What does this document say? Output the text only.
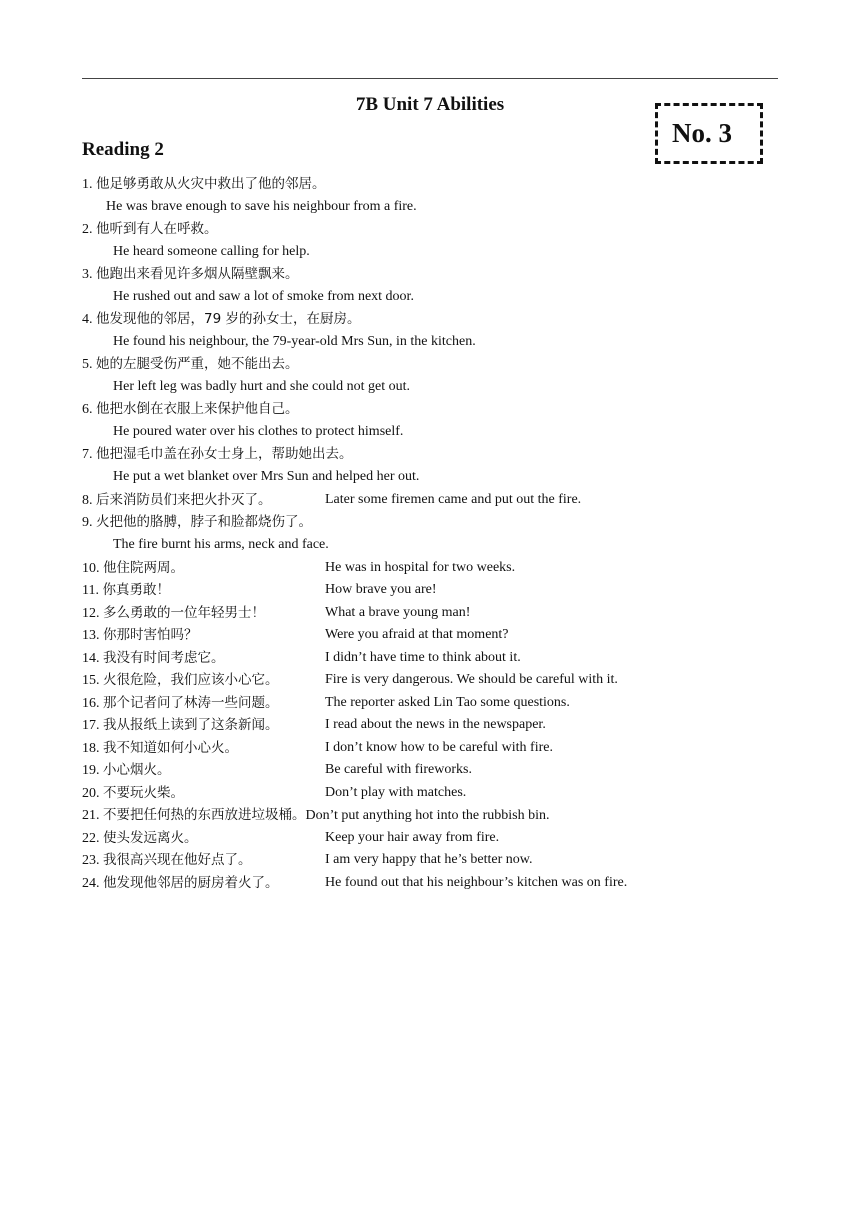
7B Unit 7 Abilities
No. 3
Reading 2
1. 他足够勇敢从火灾中救出了他的邻居。
He was brave enough to save his neighbour from a fire.
2. 他听到有人在呼救。
He heard someone calling for help.
3. 他跑出来看见许多烟从隔壁飘来。
He rushed out and saw a lot of smoke from next door.
4. 他发现他的邻居，79 岁的孙女士，在厨房。
He found his neighbour, the 79-year-old Mrs Sun, in the kitchen.
5. 她的左腿受伤严重，她不能出去。
Her left leg was badly hurt and she could not get out.
6. 他把水倒在衣服上来保护他自己。
He poured water over his clothes to protect himself.
7. 他把湿毛巾盖在孙女士身上，帮助她出去。
He put a wet blanket over Mrs Sun and helped her out.
8. 后来消防员们来把火扑灭了。	Later some firemen came and put out the fire.
9. 火把他的胳膊，脖子和脸都烧伤了。
The fire burnt his arms, neck and face.
10. 他住院两周。	He was in hospital for two weeks.
11. 你真勇敢！	How brave you are!
12. 多么勇敢的一位年轻男士！	What a brave young man!
13. 你那时害怕吗？	Were you afraid at that moment?
14. 我没有时间考虑它。	I didn’t have time to think about it.
15. 火很危险，我们应该小心它。	Fire is very dangerous. We should be careful with it.
16. 那个记者问了林涛一些问题。	The reporter asked Lin Tao some questions.
17. 我从报纸上读到了这条新闻。	I read about the news in the newspaper.
18. 我不知道如何小心火。	I don’t know how to be careful with fire.
19. 小心烟火。	Be careful with fireworks.
20. 不要玩火柴。	Don’t play with matches.
21. 不要把任何热的东西放进垃圾桶。Don’t put anything hot into the rubbish bin.
22. 使头发远离火。	Keep your hair away from fire.
23. 我很高兴现在他好点了。	I am very happy that he’s better now.
24. 他发现他邻居的厨房着火了。	He found out that his neighbour’s kitchen was on fire.
